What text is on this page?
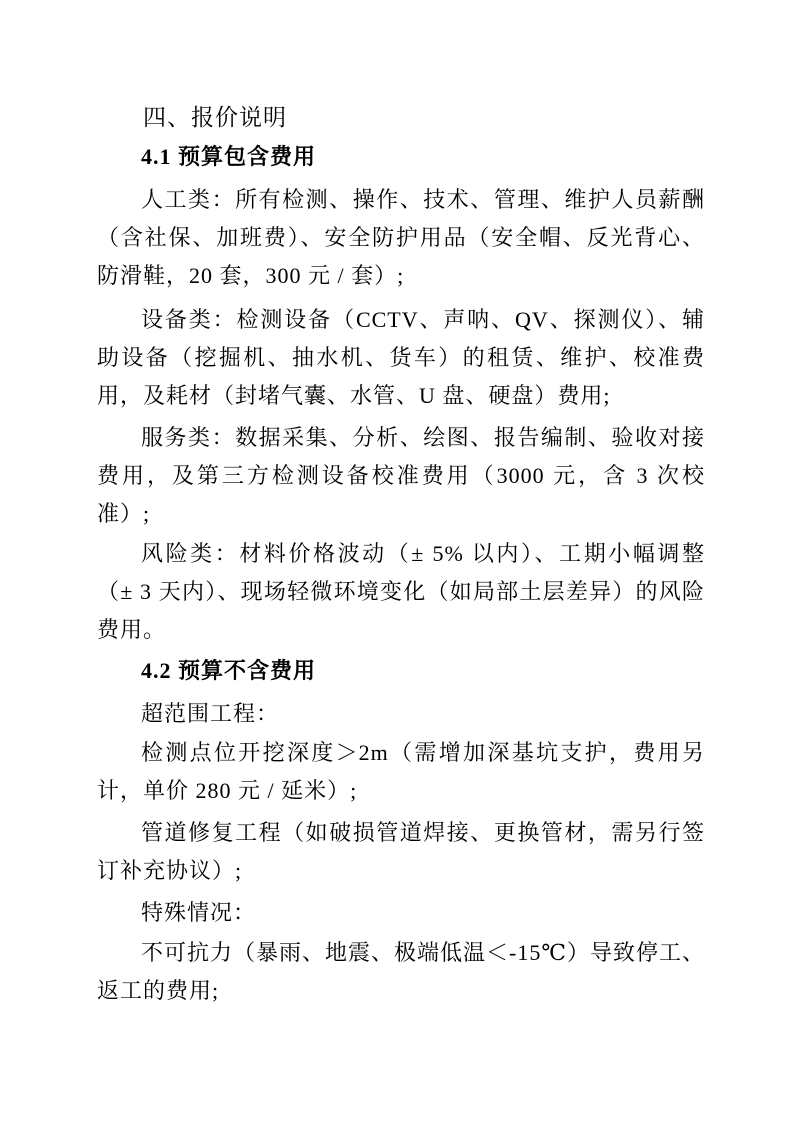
四、报价说明
4.1 预算包含费用

人工类：所有检测、操作、技术、管理、维护人员薪酬（含社保、加班费）、安全防护用品（安全帽、反光背心、防滑鞋，20 套，300 元 / 套）;

设备类：检测设备（CCTV、声呐、QV、探测仪）、辅助设备（挖掘机、抽水机、货车）的租赁、维护、校准费用，及耗材（封堵气囊、水管、U 盘、硬盘）费用;

服务类：数据采集、分析、绘图、报告编制、验收对接费用，及第三方检测设备校准费用（3000 元，含 3 次校准）;

风险类：材料价格波动（± 5% 以内）、工期小幅调整（± 3 天内）、现场轻微环境变化（如局部土层差异）的风险费用。

4.2 预算不含费用

超范围工程：

检测点位开挖深度＞2m（需增加深基坑支护，费用另计，单价 280 元 / 延米）;

管道修复工程（如破损管道焊接、更换管材，需另行签订补充协议）;

特殊情况：

不可抗力（暴雨、地震、极端低温＜-15℃）导致停工、返工的费用;
